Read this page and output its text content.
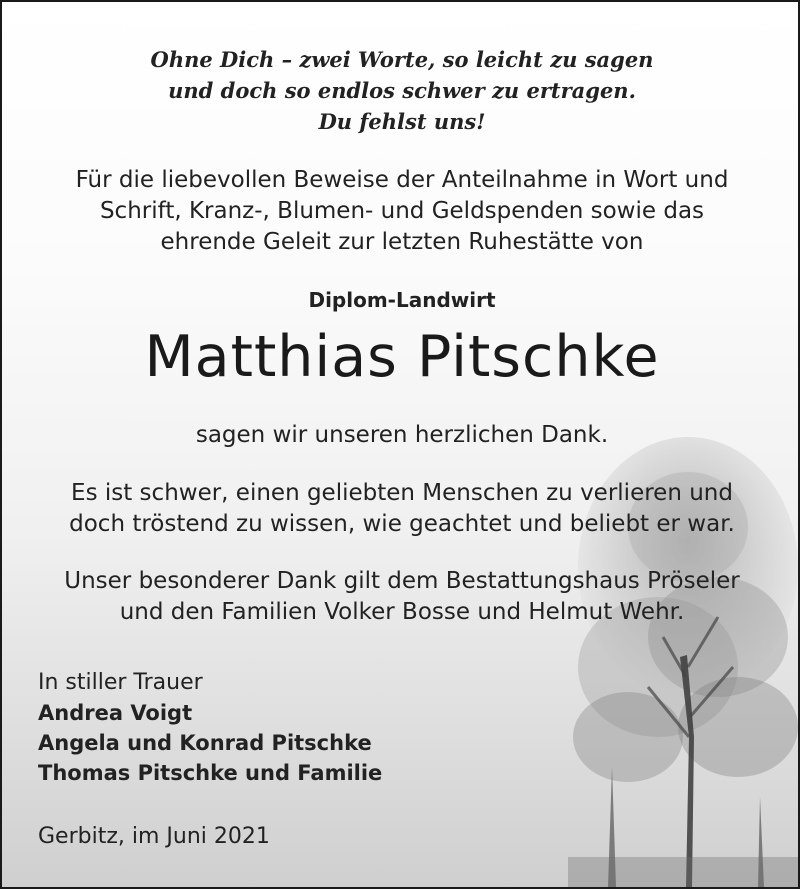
Ohne Dich – zwei Worte, so leicht zu sagen
und doch so endlos schwer zu ertragen.
Du fehlst uns!
Für die liebevollen Beweise der Anteilnahme in Wort und
Schrift, Kranz-, Blumen- und Geldspenden sowie das
ehrende Geleit zur letzten Ruhestätte von
Diplom-Landwirt
Matthias Pitschke
sagen wir unseren herzlichen Dank.
Es ist schwer, einen geliebten Menschen zu verlieren und
doch tröstend zu wissen, wie geachtet und beliebt er war.
Unser besonderer Dank gilt dem Bestattungshaus Pröseler
und den Familien Volker Bosse und Helmut Wehr.
In stiller Trauer
Andrea Voigt
Angela und Konrad Pitschke
Thomas Pitschke und Familie
Gerbitz, im Juni 2021
